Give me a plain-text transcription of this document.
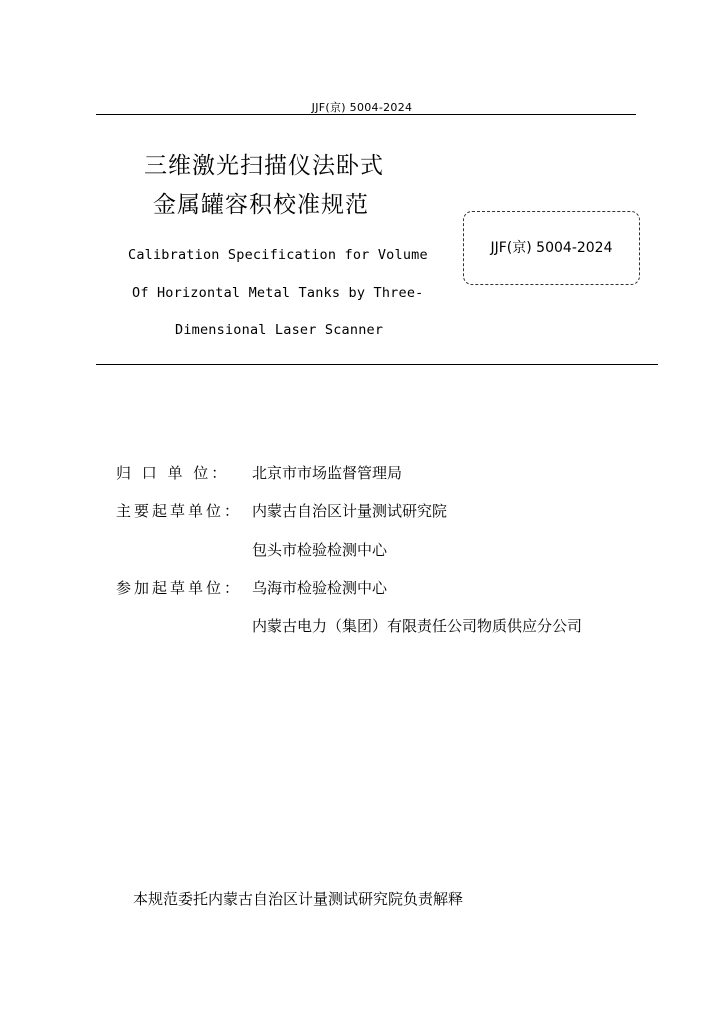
JJF(京) 5004-2024
三维激光扫描仪法卧式
金属罐容积校准规范
JJF(京) 5004-2024
Calibration Specification for Volume
Of Horizontal Metal Tanks by Three-
Dimensional Laser Scanner
归 口 单 位： 北京市市场监督管理局
主要起草单位： 内蒙古自治区计量测试研究院
包头市检验检测中心
参加起草单位： 乌海市检验检测中心
内蒙古电力（集团）有限责任公司物质供应分公司
本规范委托内蒙古自治区计量测试研究院负责解释
